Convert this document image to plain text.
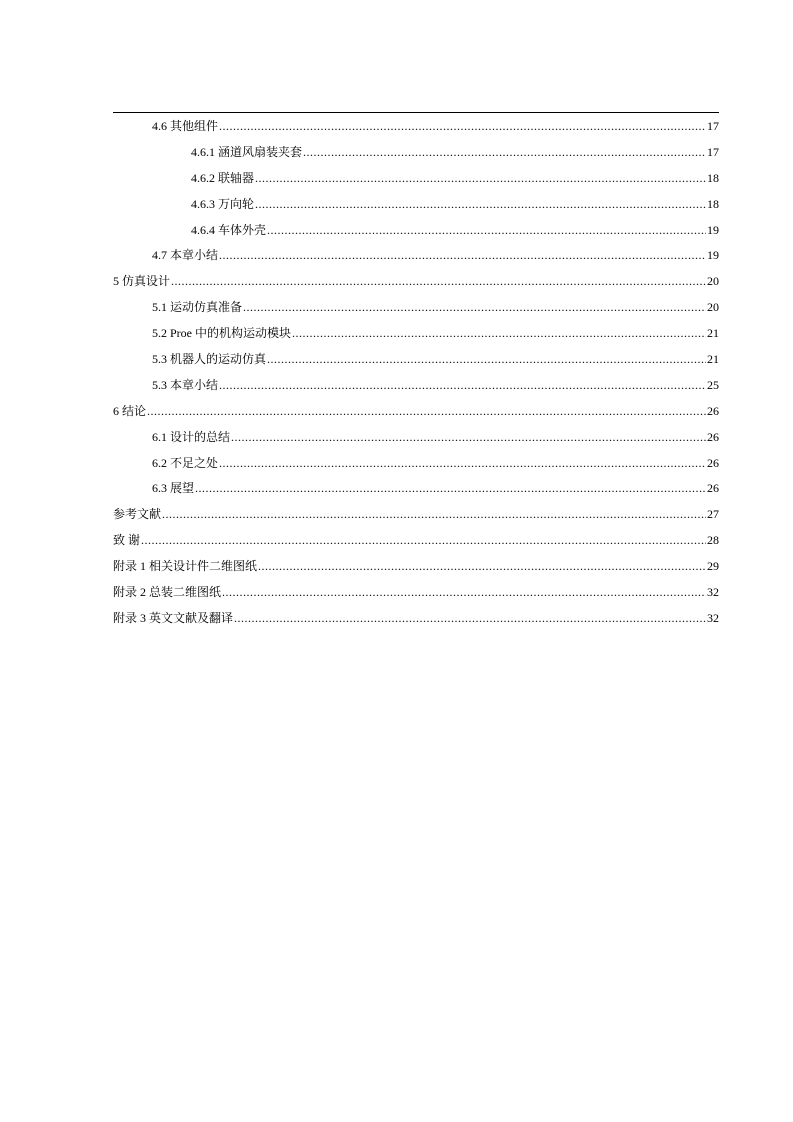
4.6 其他组件 .....	17
4.6.1 涵道风扇装夹套 .....	17
4.6.2 联轴器 .....	18
4.6.3 万向轮 .....	18
4.6.4 车体外壳 .....	19
4.7 本章小结 .....	19
5 仿真设计 .....	20
5.1 运动仿真准备 .....	20
5.2 Proe 中的机构运动模块 .....	21
5.3 机器人的运动仿真 .....	21
5.3 本章小结 .....	25
6 结论 .....	26
6.1 设计的总结 .....	26
6.2 不足之处 .....	26
6.3 展望 .....	26
参考文献 .....	27
致 谢 .....	28
附录 1 相关设计件二维图纸 .....	29
附录 2 总装二维图纸 .....	32
附录 3 英文文献及翻译 .....	32
